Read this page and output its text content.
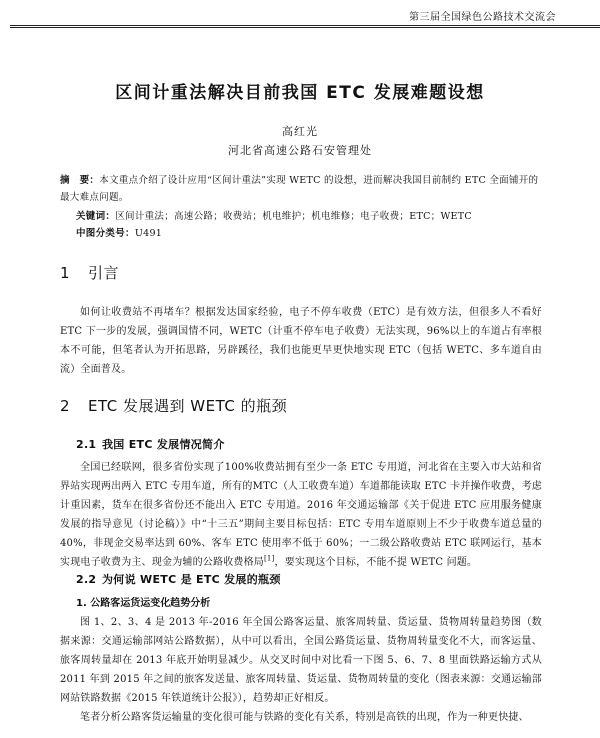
第三届全国绿色公路技术交流会
区间计重法解决目前我国 ETC 发展难题设想
高红光
河北省高速公路石安管理处
摘　要：本文重点介绍了设计应用“区间计重法”实现 WETC 的设想，进而解决我国目前制约 ETC 全面铺开的最大难点问题。
关键词：区间计重法；高速公路；收费站；机电维护；机电维修；电子收费；ETC；WETC
中图分类号：U491
1 引言
如何让收费站不再堵车？根据发达国家经验，电子不停车收费（ETC）是有效方法，但很多人不看好 ETC 下一步的发展，强调国情不同，WETC（计重不停车电子收费）无法实现，96%以上的车道占有率根本不可能，但笔者认为开拓思路，另辟蹊径，我们也能更早更快地实现 ETC（包括 WETC、多车道自由流）全面普及。
2 ETC 发展遇到 WETC 的瓶颈
2.1 我国 ETC 发展情况简介
全国已经联网，很多省份实现了100%收费站拥有至少一条 ETC 专用道，河北省在主要入市大站和省界站实现两出两入 ETC 专用车道，所有的MTC（人工收费车道）车道都能读取 ETC 卡并操作收费，考虑计重因素，货车在很多省份还不能出入 ETC 专用道。2016 年交通运输部《关于促进 ETC 应用服务健康发展的指导意见（讨论稿）》中“十三五”期间主要目标包括：ETC 专用车道原则上不少于收费车道总量的 40%，非现金交易率达到 60%、客车 ETC 使用率不低于 60%；一二级公路收费站 ETC 联网运行，基本实现电子收费为主、现金为辅的公路收费格局[1]，要实现这个目标，不能不提 WETC 问题。
2.2 为何说 WETC 是 ETC 发展的瓶颈
1. 公路客运货运变化趋势分析
图 1、2、3、4 是 2013 年-2016 年全国公路客运量、旅客周转量、货运量、货物周转量趋势图（数据来源：交通运输部网站公路数据），从中可以看出，全国公路货运量、货物周转量变化不大，而客运量、旅客周转量却在 2013 年底开始明显减少。从交叉时间中对比看一下图 5、6、7、8 里面铁路运输方式从 2011 年到 2015 年之间的旅客发送量、旅客周转量、货运量、货物周转量的变化（图表来源：交通运输部网站铁路数据《2015 年铁道统计公报》），趋势却正好相反。
笔者分析公路客货运输量的变化很可能与铁路的变化有关系，特别是高铁的出现，作为一种更快捷、
